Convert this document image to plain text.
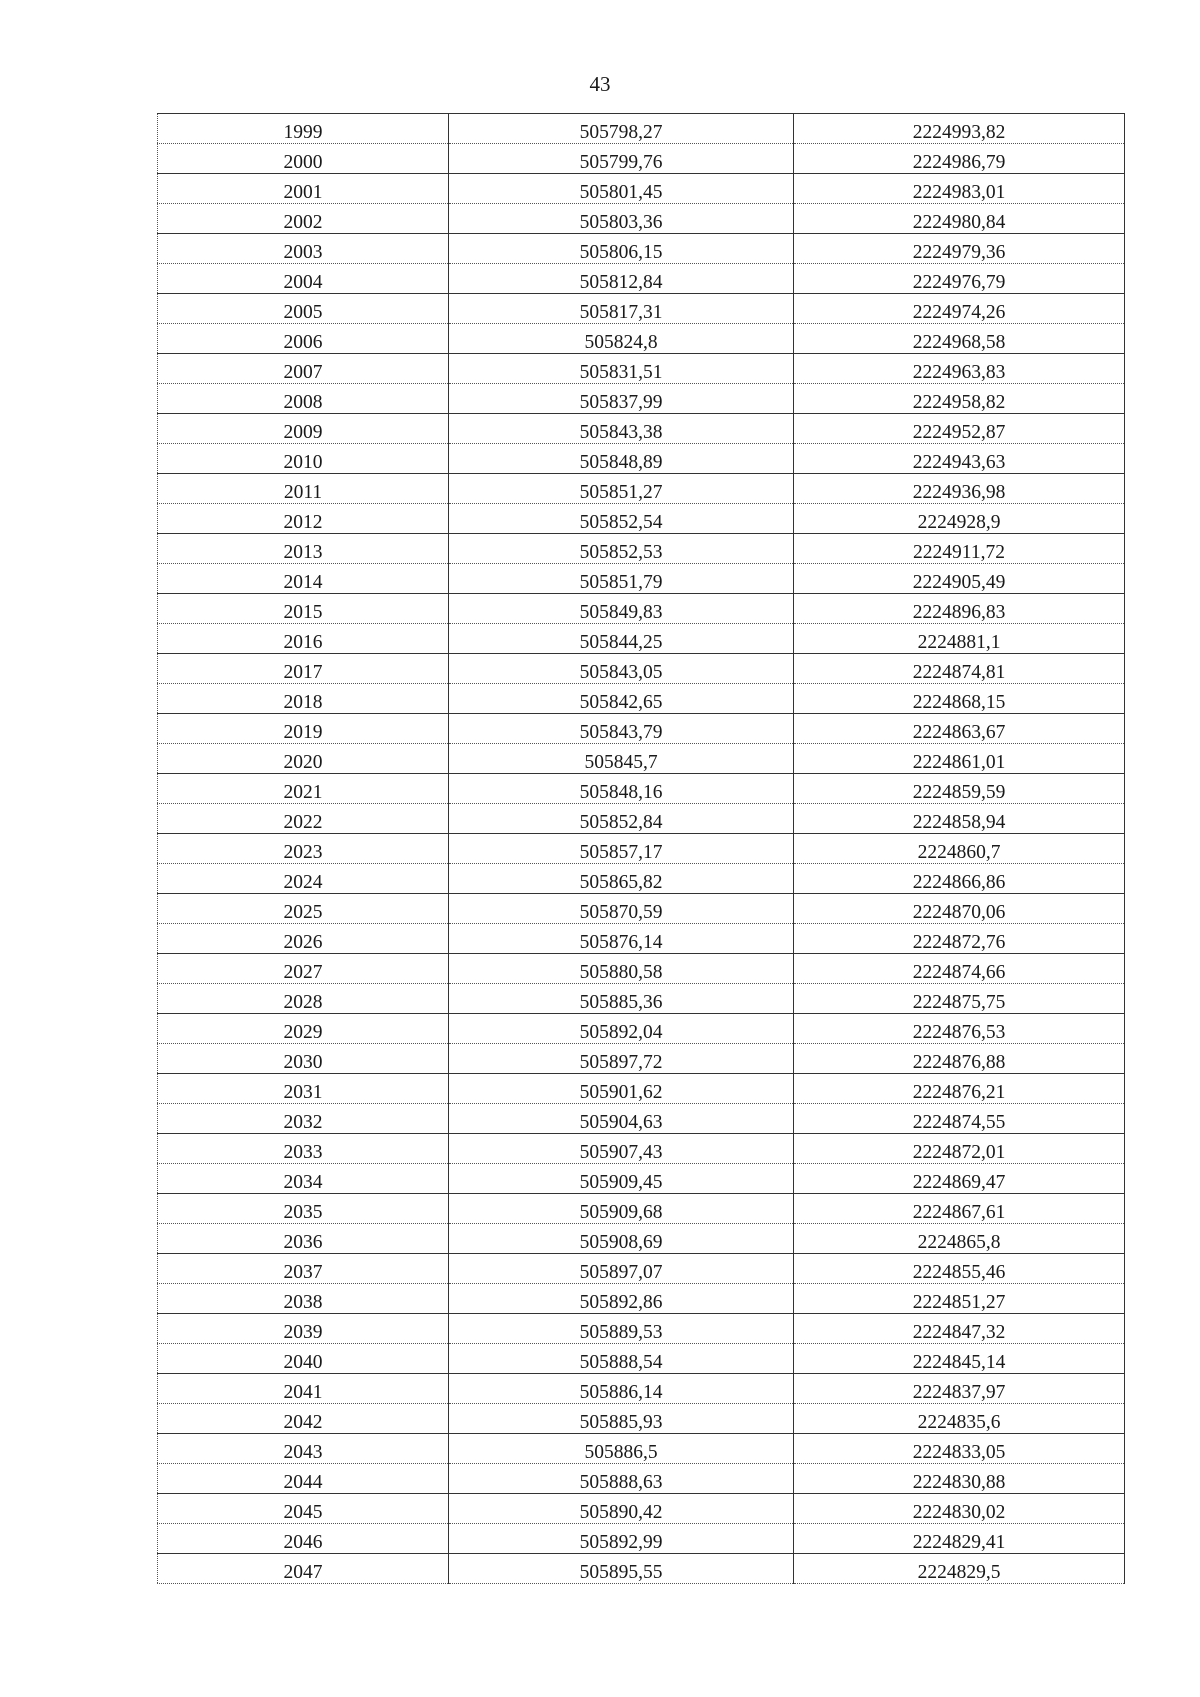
43
1999	505798,27	2224993,82
2000	505799,76	2224986,79
2001	505801,45	2224983,01
2002	505803,36	2224980,84
2003	505806,15	2224979,36
2004	505812,84	2224976,79
2005	505817,31	2224974,26
2006	505824,8	2224968,58
2007	505831,51	2224963,83
2008	505837,99	2224958,82
2009	505843,38	2224952,87
2010	505848,89	2224943,63
2011	505851,27	2224936,98
2012	505852,54	2224928,9
2013	505852,53	2224911,72
2014	505851,79	2224905,49
2015	505849,83	2224896,83
2016	505844,25	2224881,1
2017	505843,05	2224874,81
2018	505842,65	2224868,15
2019	505843,79	2224863,67
2020	505845,7	2224861,01
2021	505848,16	2224859,59
2022	505852,84	2224858,94
2023	505857,17	2224860,7
2024	505865,82	2224866,86
2025	505870,59	2224870,06
2026	505876,14	2224872,76
2027	505880,58	2224874,66
2028	505885,36	2224875,75
2029	505892,04	2224876,53
2030	505897,72	2224876,88
2031	505901,62	2224876,21
2032	505904,63	2224874,55
2033	505907,43	2224872,01
2034	505909,45	2224869,47
2035	505909,68	2224867,61
2036	505908,69	2224865,8
2037	505897,07	2224855,46
2038	505892,86	2224851,27
2039	505889,53	2224847,32
2040	505888,54	2224845,14
2041	505886,14	2224837,97
2042	505885,93	2224835,6
2043	505886,5	2224833,05
2044	505888,63	2224830,88
2045	505890,42	2224830,02
2046	505892,99	2224829,41
2047	505895,55	2224829,5
